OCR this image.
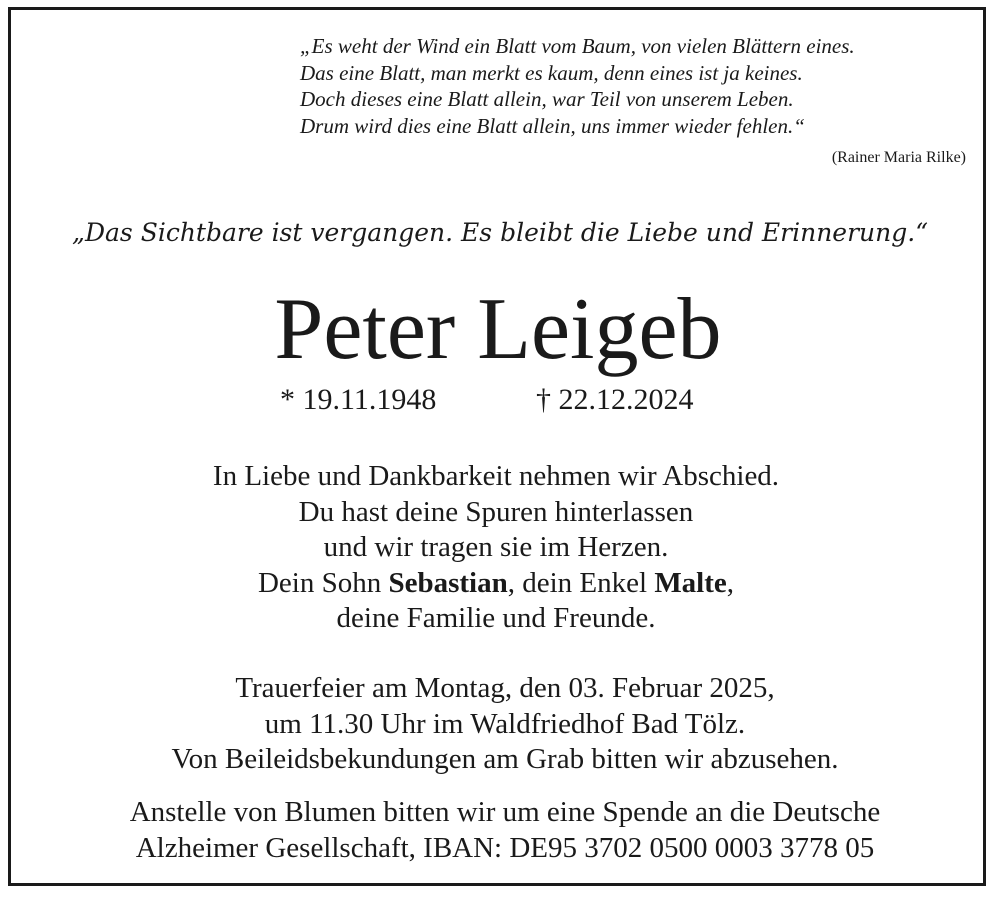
„Es weht der Wind ein Blatt vom Baum, von vielen Blättern eines.
Das eine Blatt, man merkt es kaum, denn eines ist ja keines.
Doch dieses eine Blatt allein, war Teil von unserem Leben.
Drum wird dies eine Blatt allein, uns immer wieder fehlen.“
(Rainer Maria Rilke)
„Das Sichtbare ist vergangen. Es bleibt die Liebe und Erinnerung.“
Peter Leigeb
* 19.11.1948	† 22.12.2024
In Liebe und Dankbarkeit nehmen wir Abschied.
Du hast deine Spuren hinterlassen
und wir tragen sie im Herzen.
Dein Sohn Sebastian, dein Enkel Malte,
deine Familie und Freunde.
Trauerfeier am Montag, den 03. Februar 2025,
um 11.30 Uhr im Waldfriedhof Bad Tölz.
Von Beileidsbekundungen am Grab bitten wir abzusehen.
Anstelle von Blumen bitten wir um eine Spende an die Deutsche
Alzheimer Gesellschaft, IBAN: DE95 3702 0500 0003 3778 05
